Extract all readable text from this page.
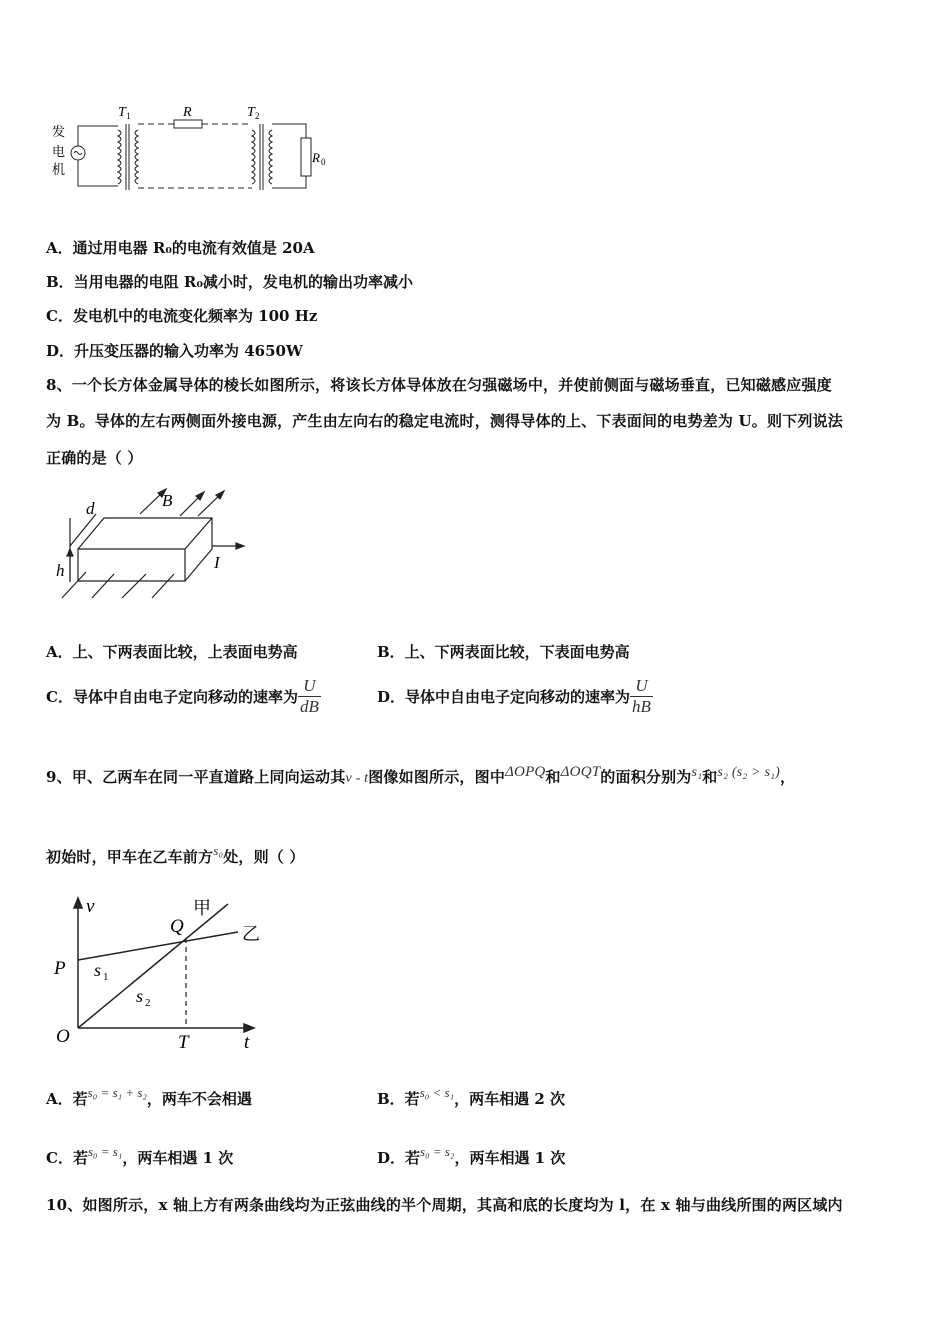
发
电
机
T 1	R	T 2
R 0
A．通过用电器 R₀的电流有效值是 20A
B．当用电器的电阻 R₀减小时，发电机的输出功率减小
C．发电机中的电流变化频率为 100 Hz
D．升压变压器的输入功率为 4650W
8、一个长方体金属导体的棱长如图所示，将该长方体导体放在匀强磁场中，并使前侧面与磁场垂直，已知磁感应强度
为 B。导体的左右两侧面外接电源，产生由左向右的稳定电流时，测得导体的上、下表面间的电势差为 U。则下列说法
正确的是（ ）
d	B
h	I
A．上、下两表面比较，上表面电势高	B．上、下两表面比较，下表面电势高
C．导体中自由电子定向移动的速率为 $\frac{U}{dB}$	D．导体中自由电子定向移动的速率为 $\frac{U}{hB}$
9、甲、乙两车在同一平直道路上同向运动其v - t图像如图所示，图中ΔOPQ和ΔOQT的面积分别为s₁和s₂ (s₂ > s₁)，
初始时，甲车在乙车前方s₀处，则（ ）
v	甲
乙
Q
P s 1
s 2
O	T	t
A．若s₀ = s₁ + s₂，两车不会相遇	B．若s₀ < s₁，两车相遇 2 次
C．若s₀ = s₁，两车相遇 1 次	D．若s₀ = s₂，两车相遇 1 次
10、如图所示，x 轴上方有两条曲线均为正弦曲线的半个周期，其高和底的长度均为 l，在 x 轴与曲线所围的两区域内
